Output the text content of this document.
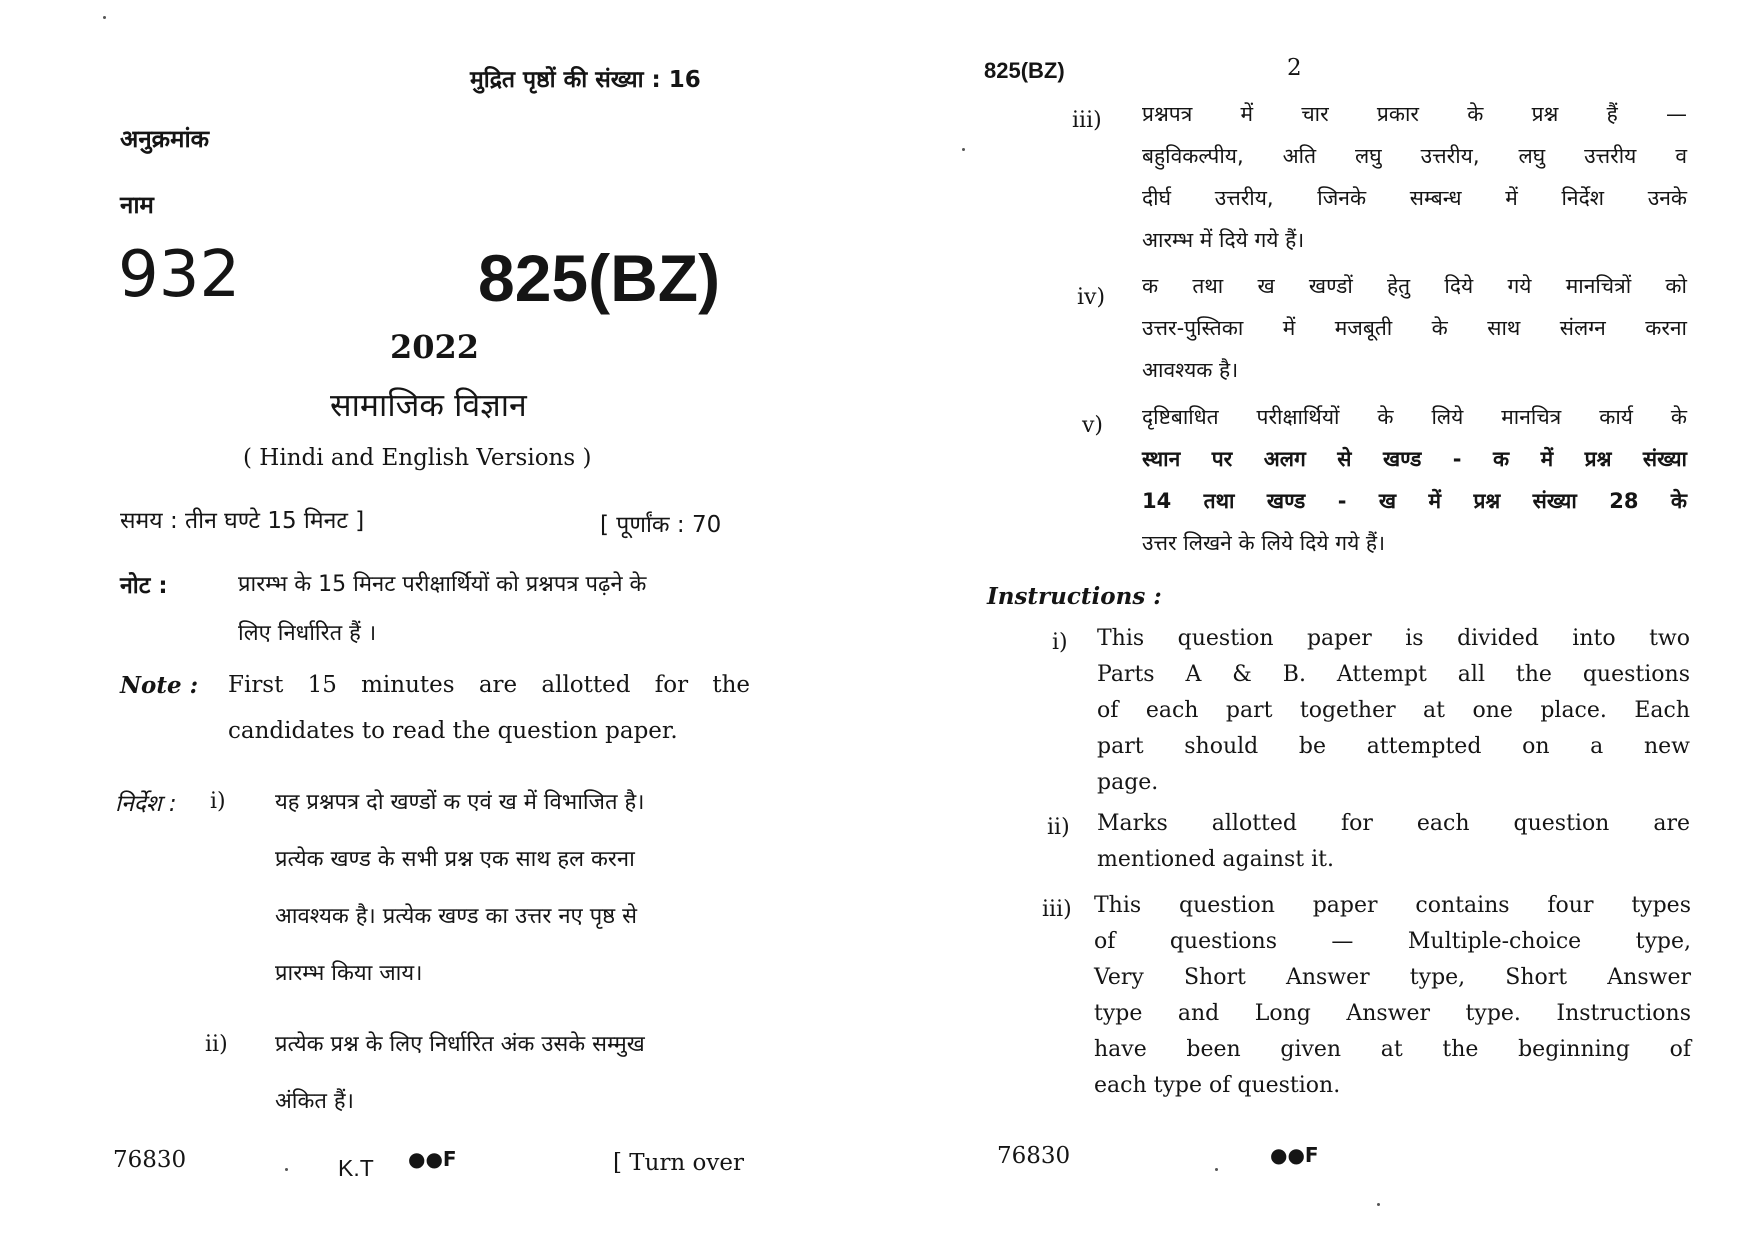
मुद्रित पृष्ठों की संख्या : 16
अनुक्रमांक
नाम
932	825(BZ)
2022
सामाजिक विज्ञान
( Hindi and English Versions )
समय : तीन घण्टे 15 मिनट ]	[ पूर्णांक : 70
नोट :	प्रारम्भ के 15 मिनट परीक्षार्थियों को प्रश्नपत्र पढ़ने के
लिए निर्धारित हैं ।
Note : First 15 minutes are allotted for the
candidates to read the question paper.
निर्देश : i) यह प्रश्नपत्र दो खण्डों क एवं ख में विभाजित है।
प्रत्येक खण्ड के सभी प्रश्न एक साथ हल करना
आवश्यक है। प्रत्येक खण्ड का उत्तर नए पृष्ठ से
प्रारम्भ किया जाय।
ii) प्रत्येक प्रश्न के लिए निर्धारित अंक उसके सम्मुख
अंकित हैं।
76830	K.T ●●F	[ Turn over
825(BZ)	2
iii) प्रश्नपत्र में चार प्रकार के प्रश्न हैं —
बहुविकल्पीय, अति लघु उत्तरीय, लघु उत्तरीय व
दीर्घ उत्तरीय, जिनके सम्बन्ध में निर्देश उनके
आरम्भ में दिये गये हैं।
iv) क तथा ख खण्डों हेतु दिये गये मानचित्रों को
उत्तर-पुस्तिका में मजबूती के साथ संलग्न करना
आवश्यक है।
v) दृष्टिबाधित परीक्षार्थियों के लिये मानचित्र कार्य के
स्थान पर अलग से खण्ड - क में प्रश्न संख्या
14 तथा खण्ड - ख में प्रश्न संख्या 28 के
उत्तर लिखने के लिये दिये गये हैं।
Instructions :
i) This question paper is divided into two
Parts A & B. Attempt all the questions
of each part together at one place. Each
part should be attempted on a new
page.
ii) Marks allotted for each question are
mentioned against it.
iii) This question paper contains four types
of questions — Multiple-choice type,
Very Short Answer type, Short Answer
type and Long Answer type. Instructions
have been given at the beginning of
each type of question.
76830	●●F
